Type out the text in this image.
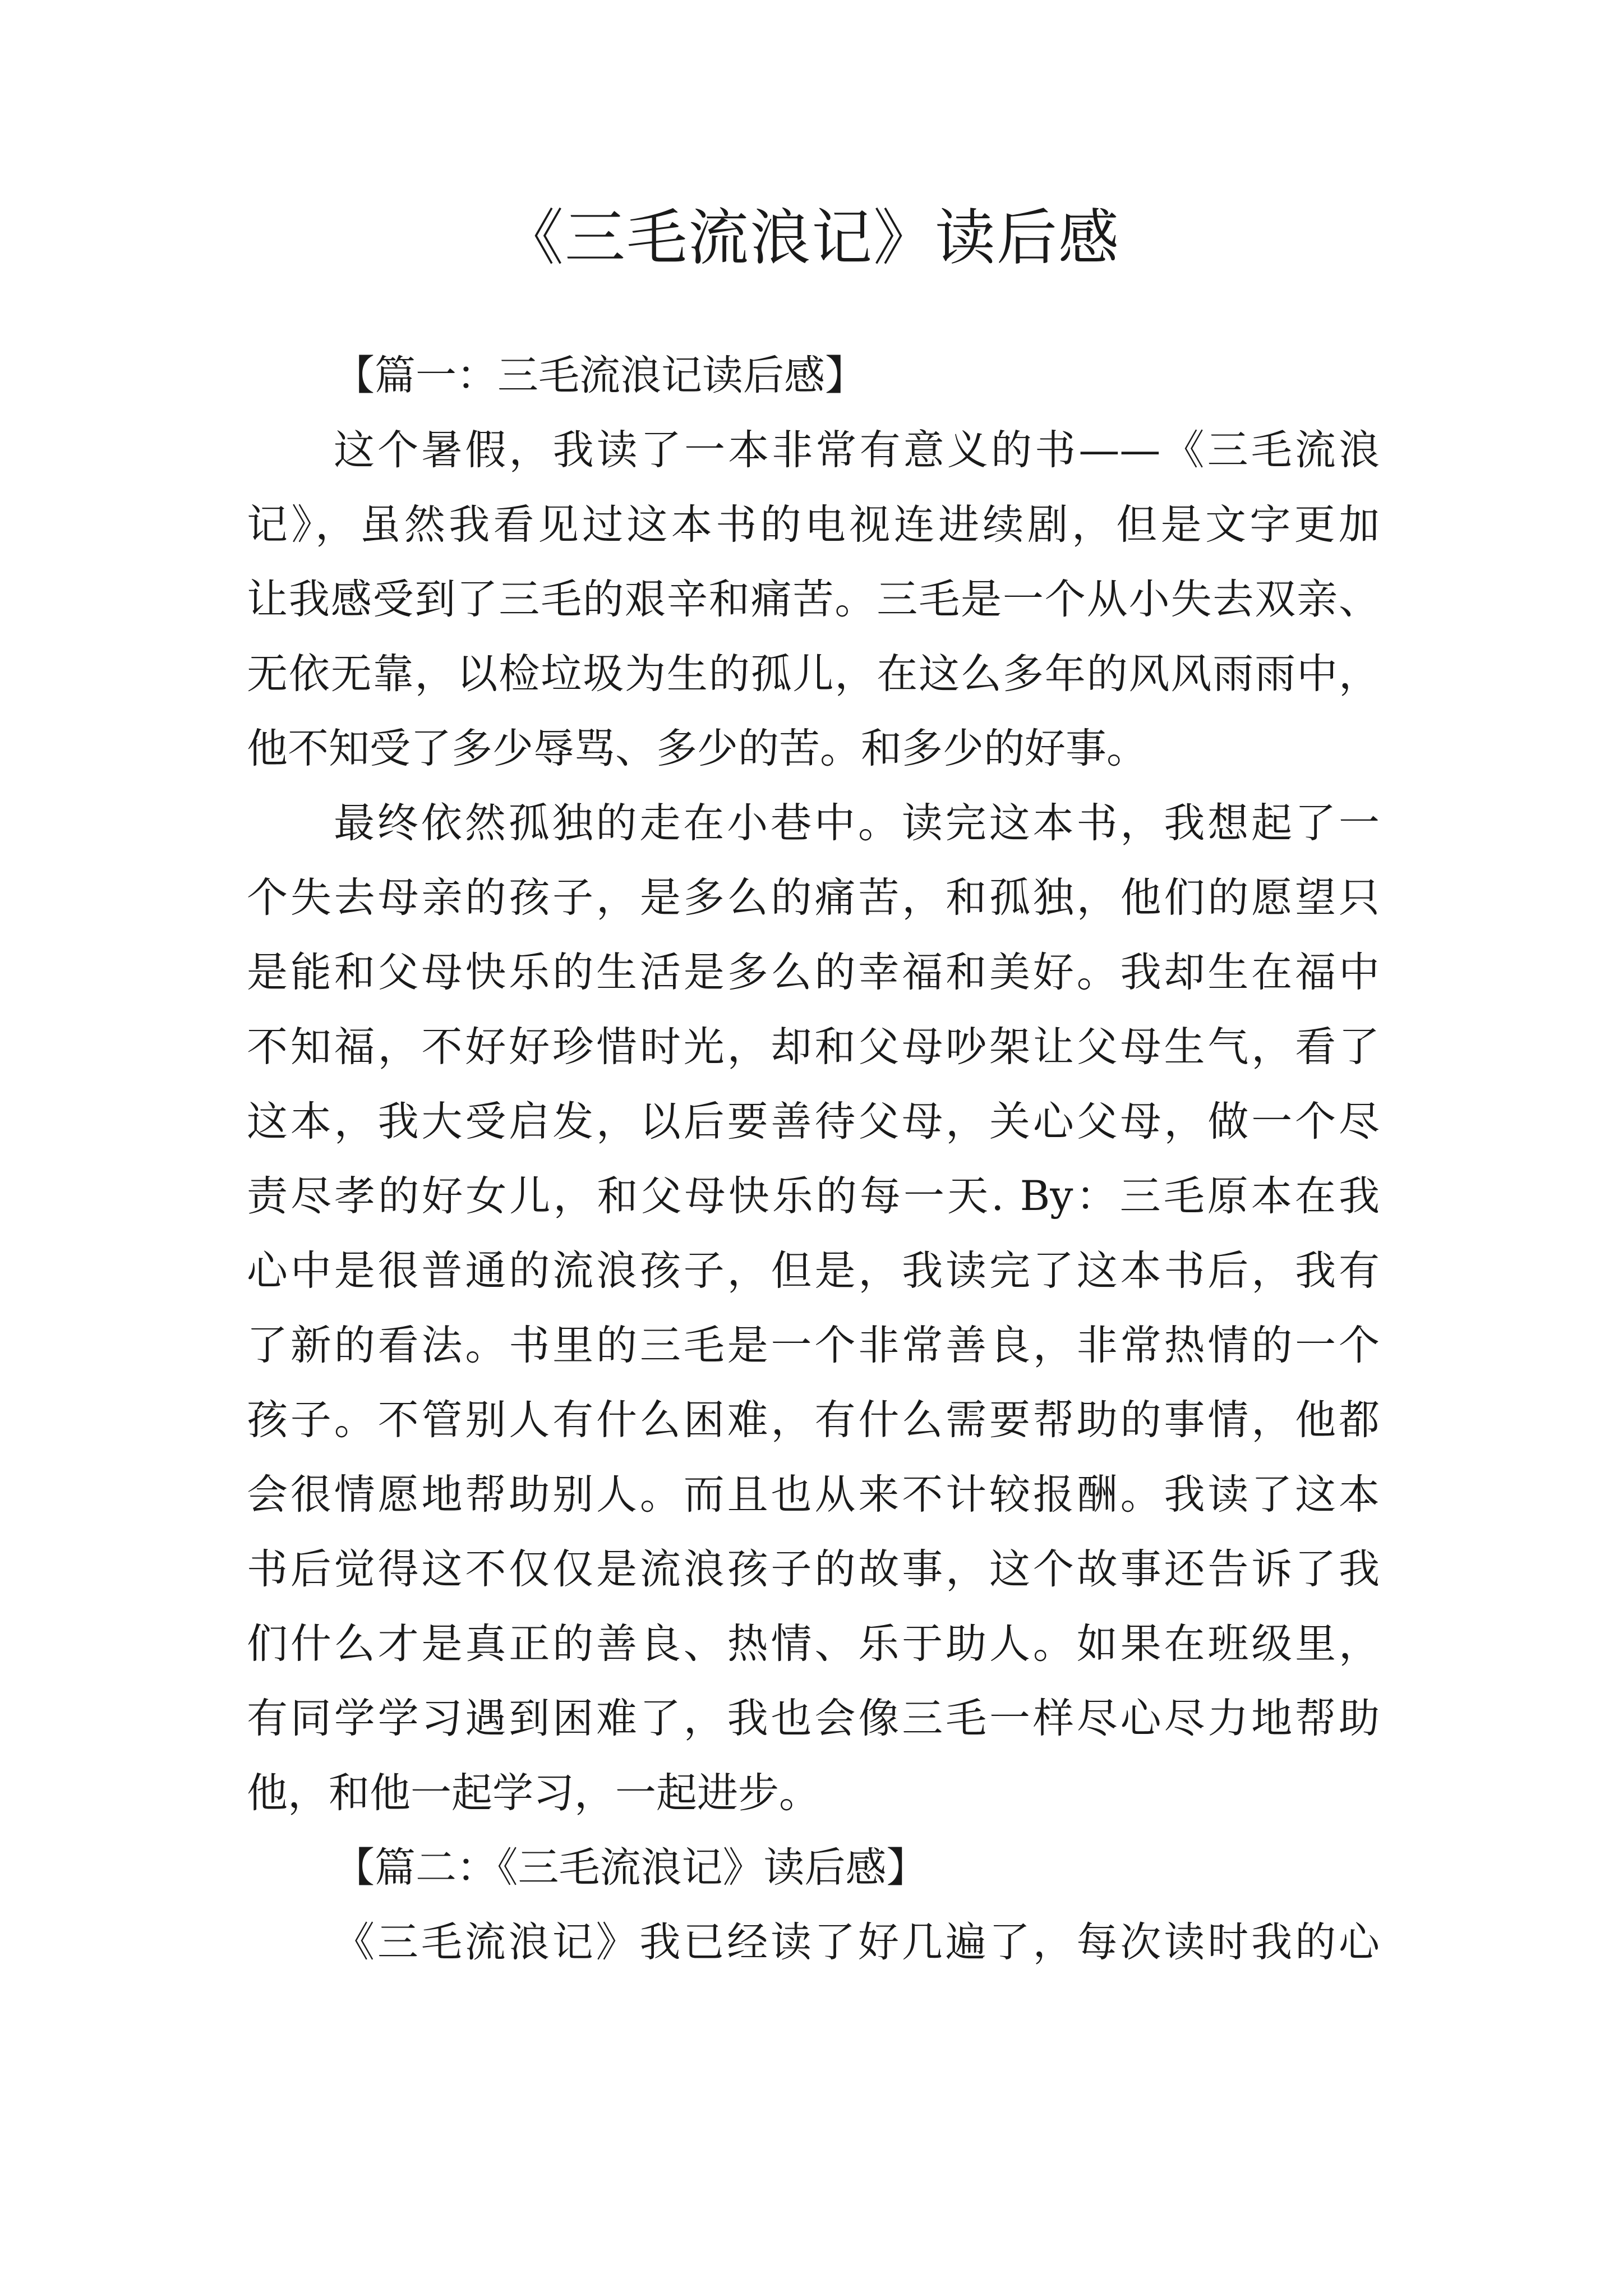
《三毛流浪记》读后感
【篇一：三毛流浪记读后感】
这个暑假，我读了一本非常有意义的书——《三毛流浪
记》，虽然我看见过这本书的电视连进续剧，但是文字更加
让我感受到了三毛的艰辛和痛苦。三毛是一个从小失去双亲、
无依无靠，以检垃圾为生的孤儿，在这么多年的风风雨雨中，
他不知受了多少辱骂、多少的苦。和多少的好事。
最终依然孤独的走在小巷中。读完这本书，我想起了一
个失去母亲的孩子，是多么的痛苦，和孤独，他们的愿望只
是能和父母快乐的生活是多么的幸福和美好。我却生在福中
不知福，不好好珍惜时光，却和父母吵架让父母生气，看了
这本，我大受启发，以后要善待父母，关心父母，做一个尽
责尽孝的好女儿，和父母快乐的每一天. By：三毛原本在我
心中是很普通的流浪孩子，但是，我读完了这本书后，我有
了新的看法。书里的三毛是一个非常善良，非常热情的一个
孩子。不管别人有什么困难，有什么需要帮助的事情，他都
会很情愿地帮助别人。而且也从来不计较报酬。我读了这本
书后觉得这不仅仅是流浪孩子的故事，这个故事还告诉了我
们什么才是真正的善良、热情、乐于助人。如果在班级里，
有同学学习遇到困难了，我也会像三毛一样尽心尽力地帮助
他，和他一起学习，一起进步。
【篇二：《三毛流浪记》读后感】
《三毛流浪记》我已经读了好几遍了，每次读时我的心
